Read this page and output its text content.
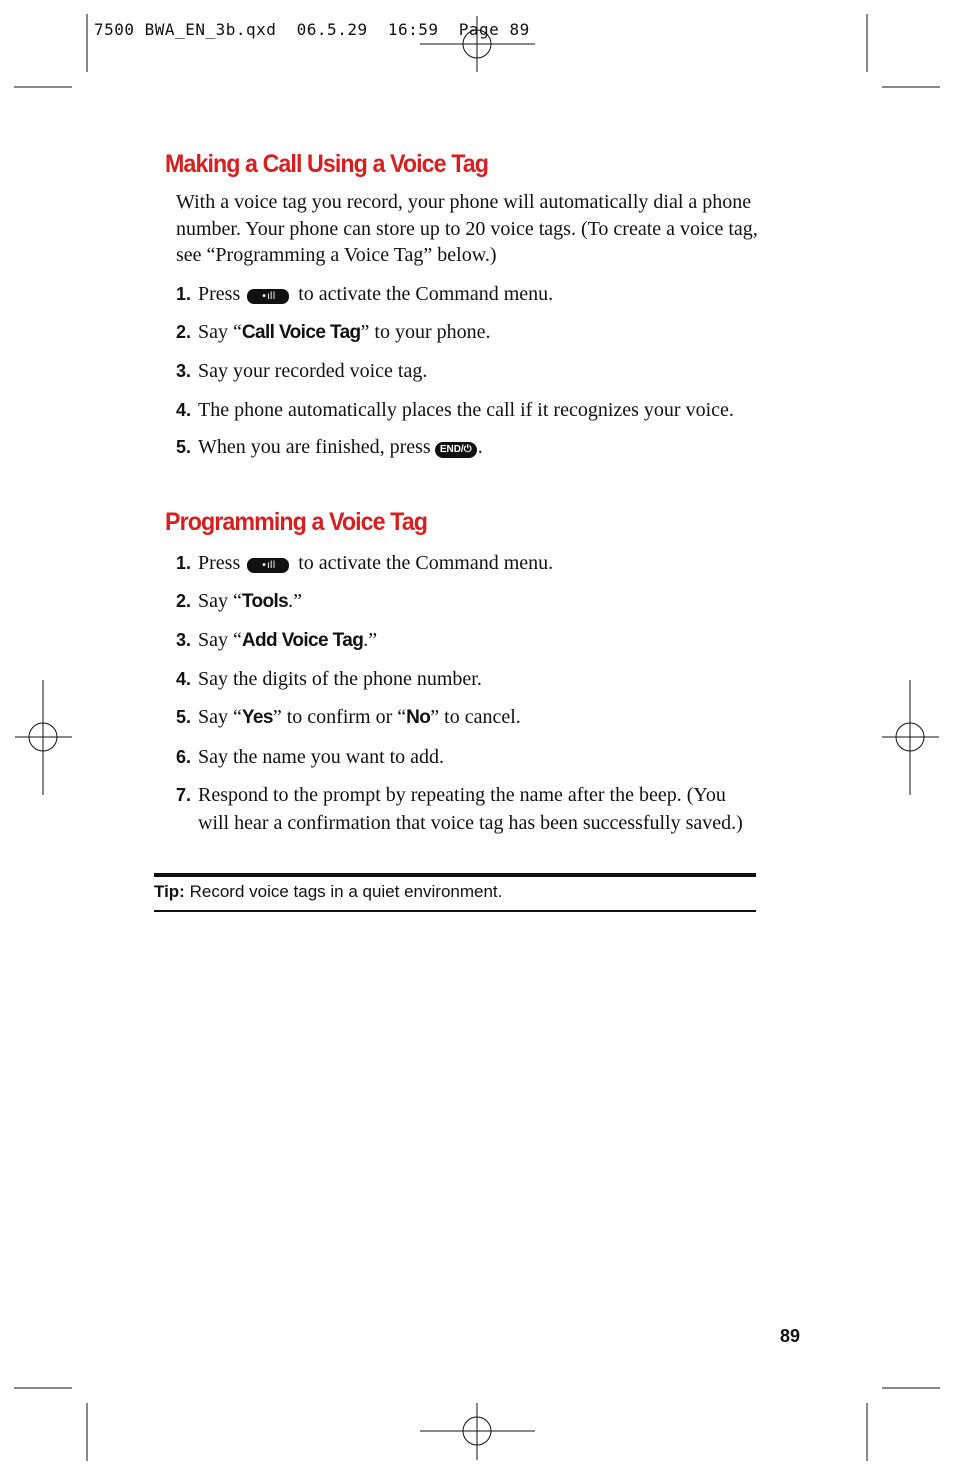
7500 BWA_EN_3b.qxd  06.5.29  16:59  Page 89
Making a Call Using a Voice Tag

With a voice tag you record, your phone will automatically dial a phone number. Your phone can store up to 20 voice tags. (To create a voice tag, see “Programming a Voice Tag” below.)

1. Press •ıll to activate the Command menu.
2. Say “Call Voice Tag” to your phone.
3. Say your recorded voice tag.
4. The phone automatically places the call if it recognizes your voice.
5. When you are finished, press END/⏻ .
Programming a Voice Tag
1. Press •ıll to activate the Command menu.
2. Say “Tools.”
3. Say “Add Voice Tag.”
4. Say the digits of the phone number.
5. Say “Yes” to confirm or “No” to cancel.
6. Say the name you want to add.
7. Respond to the prompt by repeating the name after the beep. (You will hear a confirmation that voice tag has been successfully saved.)
Tip: Record voice tags in a quiet environment.
89
